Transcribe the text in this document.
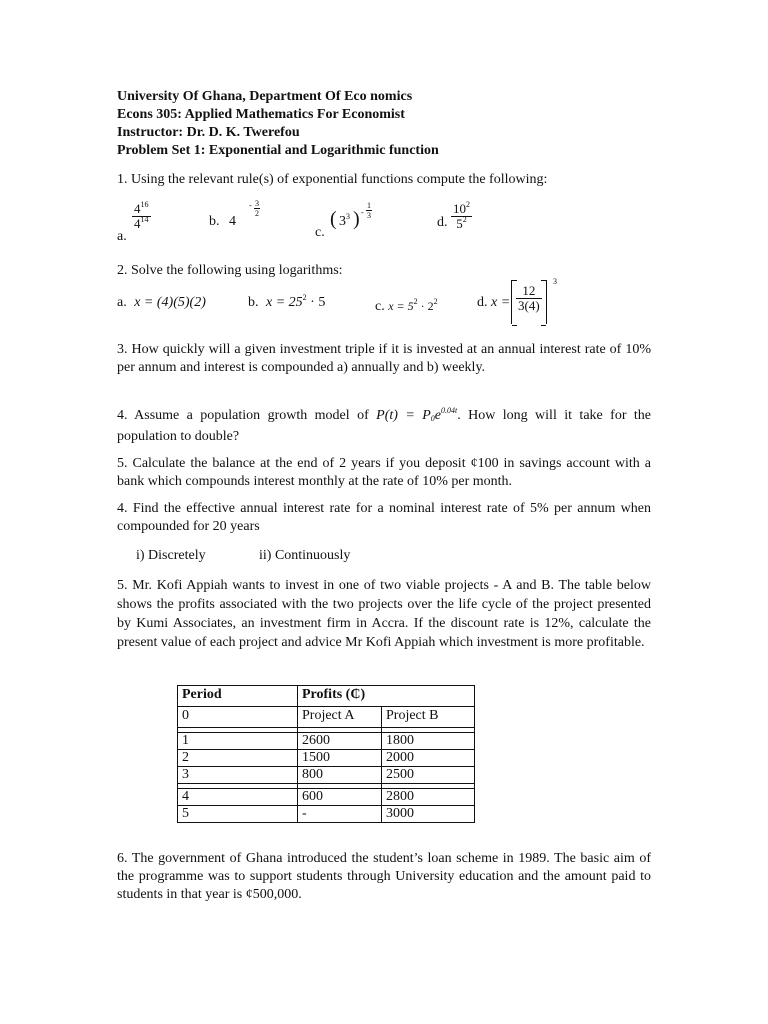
University Of Ghana, Department Of Eco nomics
Econs 305: Applied Mathematics For Economist
Instructor: Dr. D. K. Twerefou
Problem Set 1: Exponential and Logarithmic function

1. Using the relevant rule(s) of exponential functions compute the following:

a.
$\frac{4^{16}}{4^{14}}$	b. 4
- $\frac{3}{2}$
c.
( $3^3$ ) - $\frac{1}{3}$
d. $\frac{10^2}{5^2}$

2. Solve the following using logarithms:

a. x = (4)(5)(2)	b. $x = 25^2 \cdot 5$	c. $x = 5^2 \cdot 2^2$	d. $x = \frac{12}{3(4)}$
3

3. How quickly will a given investment triple if it is invested at an annual interest rate of 10% per annum and interest is compounded a) annually and b) weekly.

4. Assume a population growth model of $P(t) = P_0e^{0.04t}$. How long will it take for the population to double?

5. Calculate the balance at the end of 2 years if you deposit ¢100 in savings account with a bank which compounds interest monthly at the rate of 10% per month.

4. Find the effective annual interest rate for a nominal interest rate of 5% per annum when compounded for 20 years

i) Discretely	ii) Continuously

5. Mr. Kofi Appiah wants to invest in one of two viable projects - A and B. The table below shows the profits associated with the two projects over the life cycle of the project presented by Kumi Associates, an investment firm in Accra. If the discount rate is 12%, calculate the present value of each project and advice Mr Kofi Appiah which investment is more profitable.

Period	Profits (₵)	
0	Project A	Project B

1	2600	1800
2	1500	2000
3	800	2500

4	600	2800
5	-	3000

6. The government of Ghana introduced the student’s loan scheme in 1989. The basic aim of the programme was to support students through University education and the amount paid to students in that year is ¢500,000.
